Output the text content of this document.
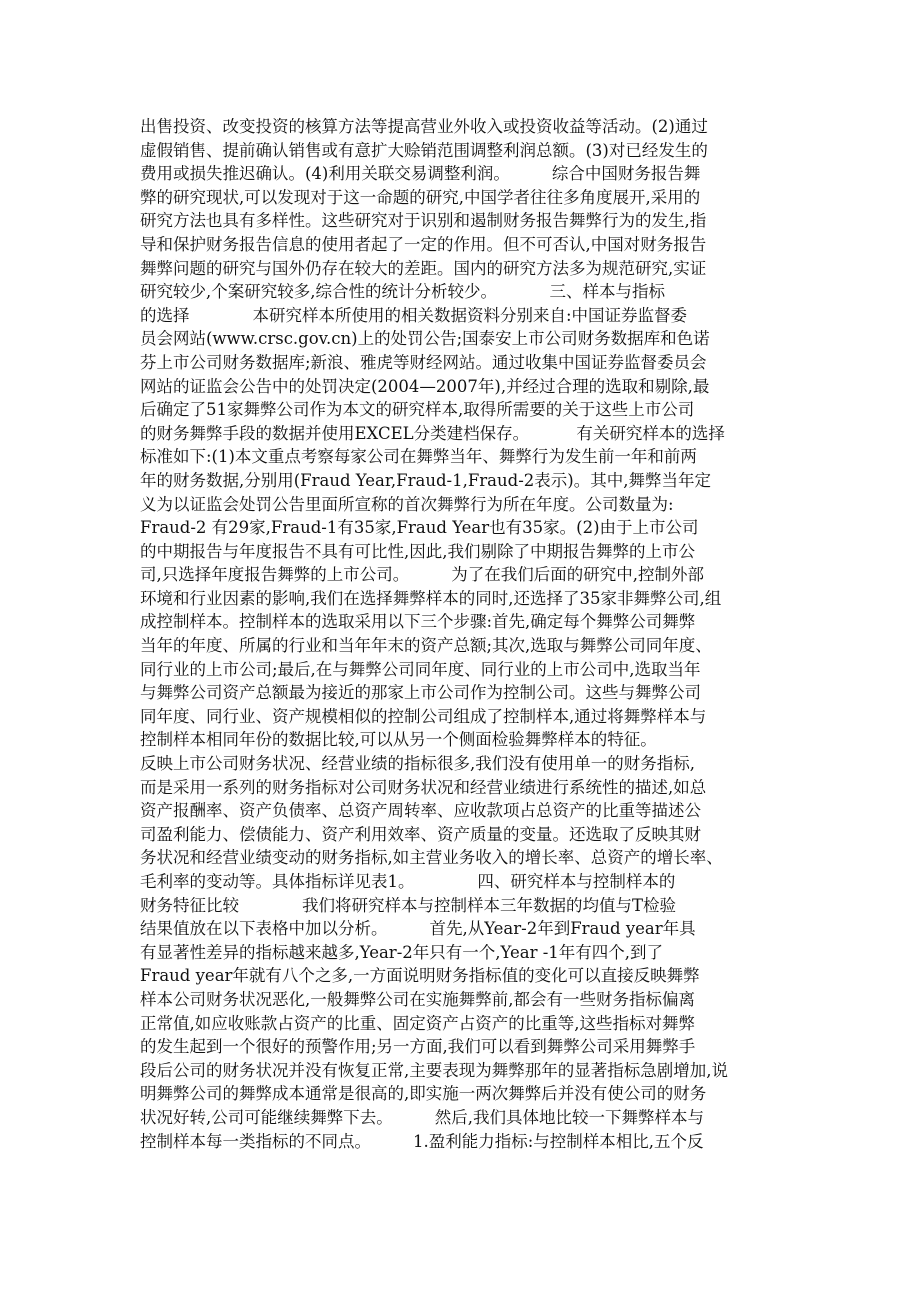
出售投资、改变投资的核算方法等提高营业外收入或投资收益等活动。(2)通过
虚假销售、提前确认销售或有意扩大赊销范围调整利润总额。(3)对已经发生的
费用或损失推迟确认。(4)利用关联交易调整利润。        综合中国财务报告舞
弊的研究现状,可以发现对于这一命题的研究,中国学者往往多角度展开,采用的
研究方法也具有多样性。这些研究对于识别和遏制财务报告舞弊行为的发生,指
导和保护财务报告信息的使用者起了一定的作用。但不可否认,中国对财务报告
舞弊问题的研究与国外仍存在较大的差距。国内的研究方法多为规范研究,实证
研究较少,个案研究较多,综合性的统计分析较少。          三、样本与指标
的选择            本研究样本所使用的相关数据资料分别来自:中国证券监督委
员会网站(www.crsc.gov.cn)上的处罚公告;国泰安上市公司财务数据库和色诺
芬上市公司财务数据库;新浪、雅虎等财经网站。通过收集中国证券监督委员会
网站的证监会公告中的处罚决定(2004—2007年),并经过合理的选取和剔除,最
后确定了51家舞弊公司作为本文的研究样本,取得所需要的关于这些上市公司
的财务舞弊手段的数据并使用EXCEL分类建档保存。         有关研究样本的选择
标准如下:(1)本文重点考察每家公司在舞弊当年、舞弊行为发生前一年和前两
年的财务数据,分别用(Fraud Year,Fraud-1,Fraud-2表示)。其中,舞弊当年定
义为以证监会处罚公告里面所宣称的首次舞弊行为所在年度。公司数量为:
Fraud-2 有29家,Fraud-1有35家,Fraud Year也有35家。(2)由于上市公司
的中期报告与年度报告不具有可比性,因此,我们剔除了中期报告舞弊的上市公
司,只选择年度报告舞弊的上市公司。        为了在我们后面的研究中,控制外部
环境和行业因素的影响,我们在选择舞弊样本的同时,还选择了35家非舞弊公司,组
成控制样本。控制样本的选取采用以下三个步骤:首先,确定每个舞弊公司舞弊
当年的年度、所属的行业和当年年末的资产总额;其次,选取与舞弊公司同年度、
同行业的上市公司;最后,在与舞弊公司同年度、同行业的上市公司中,选取当年
与舞弊公司资产总额最为接近的那家上市公司作为控制公司。这些与舞弊公司
同年度、同行业、资产规模相似的控制公司组成了控制样本,通过将舞弊样本与
控制样本相同年份的数据比较,可以从另一个侧面检验舞弊样本的特征。
反映上市公司财务状况、经营业绩的指标很多,我们没有使用单一的财务指标,
而是采用一系列的财务指标对公司财务状况和经营业绩进行系统性的描述,如总
资产报酬率、资产负债率、总资产周转率、应收款项占总资产的比重等描述公
司盈利能力、偿债能力、资产利用效率、资产质量的变量。还选取了反映其财
务状况和经营业绩变动的财务指标,如主营业务收入的增长率、总资产的增长率、
毛利率的变动等。具体指标详见表1。            四、研究样本与控制样本的
财务特征比较            我们将研究样本与控制样本三年数据的均值与T检验
结果值放在以下表格中加以分析。        首先,从Year-2年到Fraud year年具
有显著性差异的指标越来越多,Year-2年只有一个,Year -1年有四个,到了
Fraud year年就有八个之多,一方面说明财务指标值的变化可以直接反映舞弊
样本公司财务状况恶化,一般舞弊公司在实施舞弊前,都会有一些财务指标偏离
正常值,如应收账款占资产的比重、固定资产占资产的比重等,这些指标对舞弊
的发生起到一个很好的预警作用;另一方面,我们可以看到舞弊公司采用舞弊手
段后公司的财务状况并没有恢复正常,主要表现为舞弊那年的显著指标急剧增加,说
明舞弊公司的舞弊成本通常是很高的,即实施一两次舞弊后并没有使公司的财务
状况好转,公司可能继续舞弊下去。        然后,我们具体地比较一下舞弊样本与
控制样本每一类指标的不同点。        1.盈利能力指标:与控制样本相比,五个反
